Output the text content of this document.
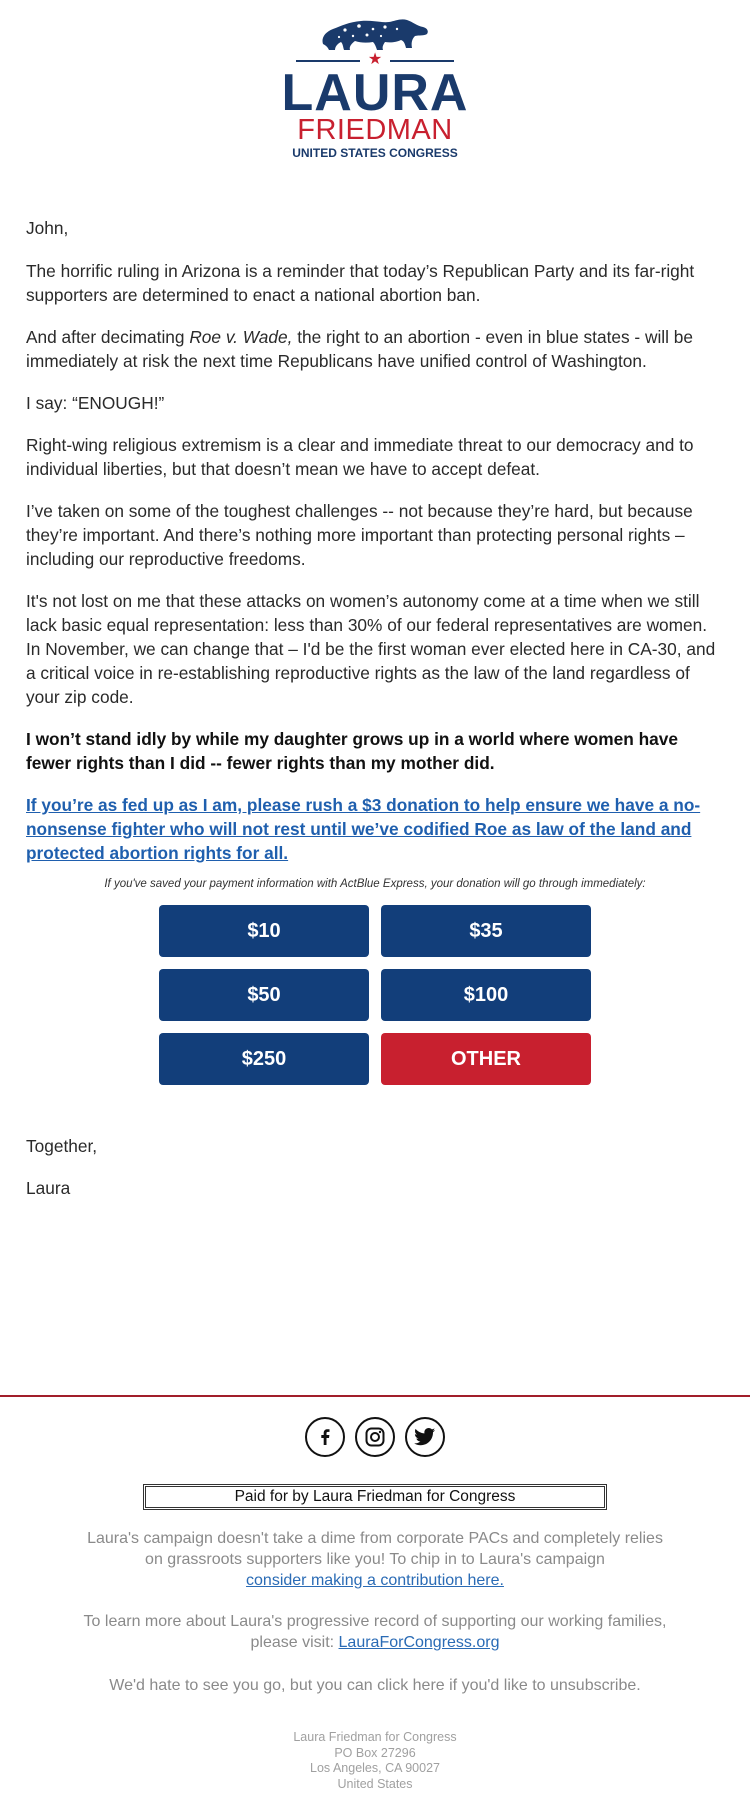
★
LAURA
FRIEDMAN
UNITED STATES CONGRESS

John,

The horrific ruling in Arizona is a reminder that today’s Republican Party and its far-right supporters are determined to enact a national abortion ban.

And after decimating Roe v. Wade, the right to an abortion - even in blue states - will be immediately at risk the next time Republicans have unified control of Washington.

I say: “ENOUGH!”

Right-wing religious extremism is a clear and immediate threat to our democracy and to individual liberties, but that doesn’t mean we have to accept defeat.

I’ve taken on some of the toughest challenges -- not because they’re hard, but because they’re important. And there’s nothing more important than protecting personal rights – including our reproductive freedoms.

It's not lost on me that these attacks on women’s autonomy come at a time when we still lack basic equal representation: less than 30% of our federal representatives are women. In November, we can change that – I'd be the first woman ever elected here in CA-30, and a critical voice in re-establishing reproductive rights as the law of the land regardless of your zip code.

I won’t stand idly by while my daughter grows up in a world where women have fewer rights than I did -- fewer rights than my mother did.

If you’re as fed up as I am, please rush a $3 donation to help ensure we have a no-nonsense fighter who will not rest until we’ve codified Roe as law of the land and protected abortion rights for all.

If you've saved your payment information with ActBlue Express, your donation will go through immediately:
$10	$35
$50	$100
$250	OTHER

Together,

Laura

Paid for by Laura Friedman for Congress
Laura's campaign doesn't take a dime from corporate PACs and completely relies on grassroots supporters like you! To chip in to Laura's campaign
consider making a contribution here.
To learn more about Laura's progressive record of supporting our working families, please visit: LauraForCongress.org
We'd hate to see you go, but you can click here if you'd like to unsubscribe.
Laura Friedman for Congress
PO Box 27296
Los Angeles, CA 90027
United States
